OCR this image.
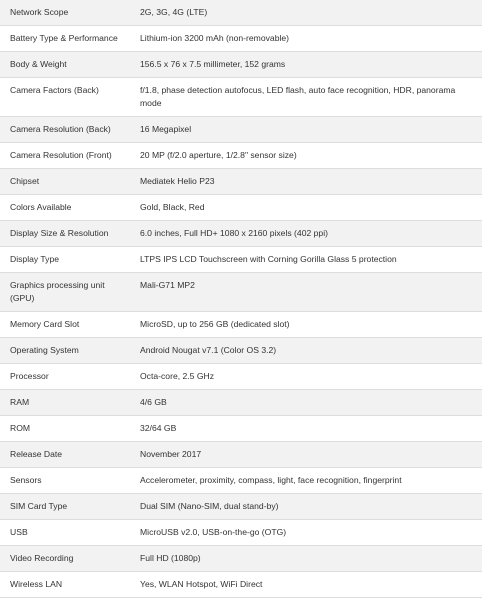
Network Scope	2G, 3G, 4G (LTE)
Battery Type & Performance	Lithium-ion 3200 mAh (non-removable)
Body & Weight	156.5 x 76 x 7.5 millimeter, 152 grams
Camera Factors (Back)	f/1.8, phase detection autofocus, LED flash, auto face recognition, HDR, panorama mode
Camera Resolution (Back)	16 Megapixel
Camera Resolution (Front)	20 MP (f/2.0 aperture, 1/2.8" sensor size)
Chipset	Mediatek Helio P23
Colors Available	Gold, Black, Red
Display Size & Resolution	6.0 inches, Full HD+ 1080 x 2160 pixels (402 ppi)
Display Type	LTPS IPS LCD Touchscreen with Corning Gorilla Glass 5 protection
Graphics processing unit (GPU)	Mali-G71 MP2
Memory Card Slot	MicroSD, up to 256 GB (dedicated slot)
Operating System	Android Nougat v7.1 (Color OS 3.2)
Processor	Octa-core, 2.5 GHz
RAM	4/6 GB
ROM	32/64 GB
Release Date	November 2017
Sensors	Accelerometer, proximity, compass, light, face recognition, fingerprint
SIM Card Type	Dual SIM (Nano-SIM, dual stand-by)
USB	MicroUSB v2.0, USB-on-the-go (OTG)
Video Recording	Full HD (1080p)
Wireless LAN	Yes, WLAN Hotspot, WiFi Direct
